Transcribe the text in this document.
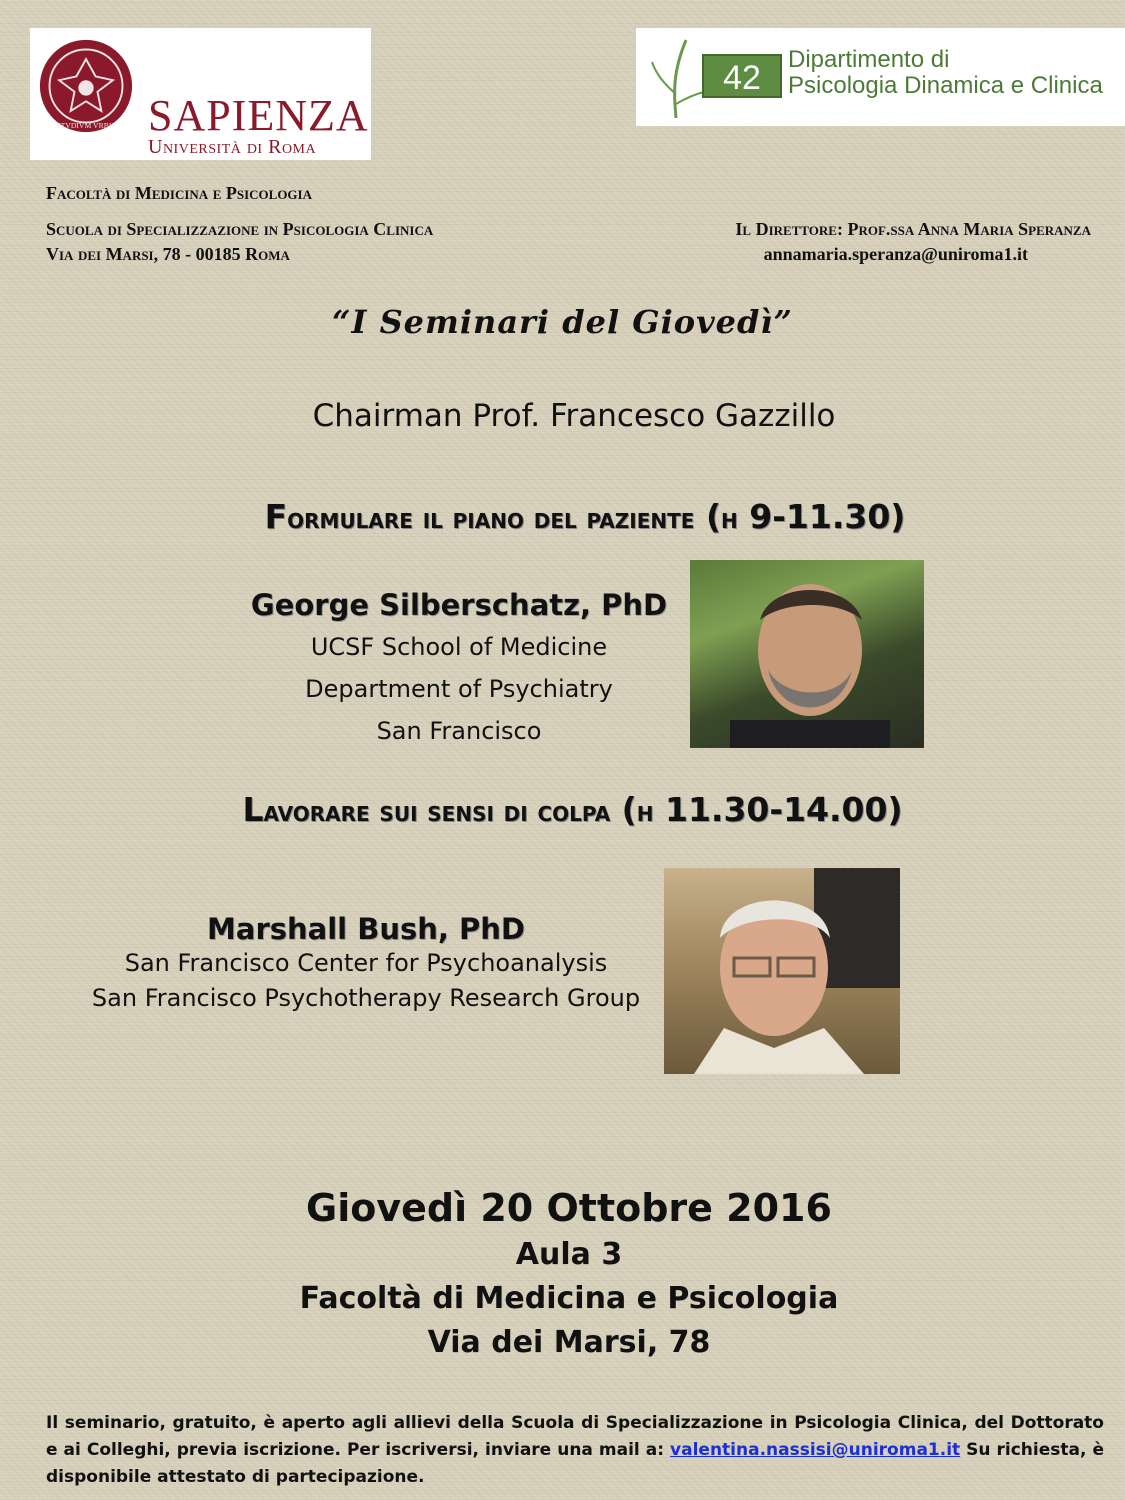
STVDIVM VRBIS SAPIENZA
Università di Roma
42	Dipartimento di
Psicologia Dinamica e Clinica
Facoltà di Medicina e Psicologia
Scuola di Specializzazione in Psicologia Clinica
Via dei Marsi, 78 - 00185 Roma
Il Direttore: Prof.ssa Anna Maria Speranza
annamaria.speranza@uniroma1.it
“I Seminari del Giovedì”
Chairman Prof. Francesco Gazzillo
Formulare il piano del paziente (h 9-11.30)
George Silberschatz, PhD
UCSF School of Medicine
Department of Psychiatry
San Francisco
Lavorare sui sensi di colpa (h 11.30-14.00)
Marshall Bush, PhD
San Francisco Center for Psychoanalysis
San Francisco Psychotherapy Research Group
Giovedì 20 Ottobre 2016
Aula 3
Facoltà di Medicina e Psicologia
Via dei Marsi, 78
Il seminario, gratuito, è aperto agli allievi della Scuola di Specializzazione in Psicologia Clinica, del Dottorato e ai Colleghi, previa iscrizione. Per iscriversi, inviare una mail a: valentina.nassisi@uniroma1.it Su richiesta, è disponibile attestato di partecipazione.
